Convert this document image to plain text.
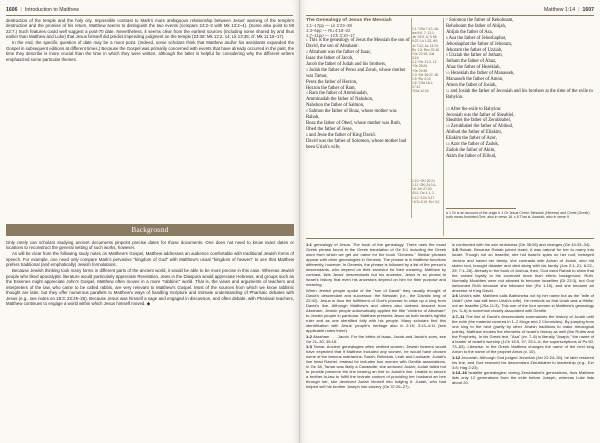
1606 | Introduction to Matthew

destruction of the temple and the holy city. Impossible contrast to Mark's more ambiguous relationship between Jesus' warning of the temple's destruction and the promise of his return, Matthew seems to distinguish the two events (compare 24:2–3 with Mk 13:2–4). (Some also point to Mt 22:7.) Such features could well suggest a post-70 date. Nevertheless, it seems clear from the earliest sources (including some shared by and thus earlier than Matthew and Luke) that Jesus himself did predict impending judgment on the temple (23:38; Mk 13:2, 14; Lk 13:35; cf. Mk 11:15–17).

In the end, the specific question of date may be a moot point. (Indeed, some scholars think that Matthew and/or his assistants expanded the Gospel in subsequent editions at different times.) Because the Gospel was primarily concerned with events that have already occurred in the past, the time they describe is more crucial than the time in which they were written, although the latter is helpful for considering why the different writers emphasized some particular themes.

Background

Only rarely can scholars studying ancient documents pinpoint precise dates for those documents. One does not need to know exact dates or locations to reconstruct the general setting of such works, however.

As will be clear from the following study notes on Matthew's Gospel, Matthew addresses an audience comfortable with traditional Jewish forms of speech. For example, one need only compare Mark's pervasive "kingdom of God" with Matthew's usual "kingdom of heaven" to see that Matthew prefers traditional (and emphatically) Jewish formulations.

Because Jewish thinking took many forms in different parts of the ancient world, it would be able to be more precise in this case. Whereas Jewish people who liked apocalyptic literature would particularly appreciate Revelation, Jews in the Diaspora would appreciate Hebrews, and groups such as the Essenes might appreciate John's Gospel, Matthew often moves in a more "rabbinic" world. That is, the views and arguments of teachers and interpreters of the law, who came to be called rabbis, are very relevant to Matthew's Gospel. Most of the sources from which we know rabbinic thought are later, but they offer numerous parallels to Matthew's ways of handling Scripture and intimate understanding of Pharisaic debates with Jesus (e.g., see notes on 19:3; 23:25–26). Because Jesus was himself a sage and engaged in discussion, and often debate, with Pharisaic teachers, Matthew continues to engage a world within which Jesus himself moved. ◆

Matthew 1:14 | 1607
The Genealogy of Jesus the Messiah
1:1–17pp — Lk 3:23–38
1:3–6pp — Ru 4:18–22
1:7–11pp — 1Ch 3:10–17
$^1$ This is the genealogy of Jesus the Messiah the son of David, the son of Abraham:
$^2$ Abraham was the father of Isaac,
Isaac the father of Jacob,
Jacob the father of Judah and his brothers,
$^3$ Judah the father of Perez and Zerah, whose mother was Tamar,
Perez the father of Hezron,
Hezron the father of Ram,
$^4$ Ram the father of Amminadab,
Amminadab the father of Nahshon,
Nahshon the father of Salmon,
$^5$ Salmon the father of Boaz, whose mother was Rahab,
Boaz the father of Obed, whose mother was Ruth,
Obed the father of Jesse,
$^6$ and Jesse the father of King David.
David was the father of Solomon, whose mother had been Uriah's wife,
1:1 ⁶2Sa 7:12–16; Isa 9:6, 7; 11:1; Jer 23:5, 6; S Mt 9:27; Lk 1:32, 69; Jn 7:42; Ac 13:23; Ro 1:3; Rev 22:16
⁶Ge 22:18; Gal 3:16
1:2 ⁶Ge 21:3, 12
⁶Ge 25:26
⁶Ge 29:35
1:3 ⁶Ge 38:27–30
1:5 ⁶Ru 4:13
1:6 ⁶1Sa 16:1; 17:12
⁶2Sa 12:24
1:10 ⁶2Ki 20:21
1:11 ⁶2Ki 24:14–16; Jer 27:20; 40:1; Da 1:1, 2
1:12 ⁶1Ch 3:17
⁶1Ch 3:19; Ezr 3:2
$^7$ Solomon the father of Rehoboam,
Rehoboam the father of Abijah,
Abijah the father of Asa,
$^8$ Asa the father of Jehoshaphat,
Jehoshaphat the father of Jehoram,
Jehoram the father of Uzziah,
$^9$ Uzziah the father of Jotham,
Jotham the father of Ahaz,
Ahaz the father of Hezekiah,
$^{10}$ Hezekiah the father of Manasseh,
Manasseh the father of Amon,
Amon the father of Josiah,
$^{11}$ and Josiah the father of Jeconiah and his brothers at the time of the exile to Babylon.

$^{12}$ After the exile to Babylon:
Jeconiah was the father of Shealtiel,
Shealtiel the father of Zerubbabel,
$^{13}$ Zerubbabel the father of Abihud,
Abihud the father of Eliakim,
Eliakim the father of Azor,
$^{14}$ Azor the father of Zadok,
Zadok the father of Akim,
Akim the father of Elihud,
a 1 Or is an account of the origin b 1 Or Jesus Christ. Messiah (Hebrew) and Christ (Greek) both mean Anointed One; also in verse 18. c 8 That is, Azariah; also in verse 9

1:1 genealogy of Jesus. The book of the genealogy. There uses the exact Greek phrase found in the Greek translation of Ge 5:1 including the Greek word from which we get our name for the book "Genesis." Similar phrases appear with other genealogies in Genesis. The phrase is in Matthew functions differently, however. In Genesis, the phrase is followed by a list of the person's descendants, who depend on their ancestor for their meaning. Matthew by contrast, lists Jesus' descendants but his ancestor. Jesus is so pivotal to Israel's history that even his ancestors depend on him for their purpose and meaning.

When Jewish people spoke of the "son of David" they usually thought of David's descendant and successor, the Messiah (i.e., the Davidic king of 22:42). Jesus is thus the fulfillment of God's promise to raise up a king from David's line. Although Matthew's and others also claimed descent from Abraham, Jewish people automatically applied the title "children of Abraham" to Jewish people in particular. Matthew presents Jesus as both Israel's rightful ruler and as one identified fully with his people. Many scholars find this identification with Jesus' people's heritage also in 2:15; 3:13–4:11 (see applicable notes there).

1:2 Abraham . . . Jacob. For the births of Isaac, Jacob and Jacob's sons, see Ge 21–30; 35:18.

1:3 Tamar. Ancient genealogies often omitted women. Jewish hearers would have expected that if Matthew included any women, he would have chosen some of the famous matriarchs: Sarah, Rebekah, Leah and Louisade. Judah's line head Rachel. Instead he includes four women with Gentile associations. In Ge 38, Tamar was likely a Canaanite; she seduced Judah; Judah failed but to provide preserve the line bearing an heir to Judah's line. Unable to secure a brother-in-law to fulfill the levirate custom of providing her husband an heir through her, she deceived Judah himself into lodging it. Judah, who had helped sell his brother Joseph into slavery (Ge 37:26–27),

is confronted with his own sinfulness (Ge 38:26) and changes (Ge 44:33–34).

1:5 Rahab. Because Rahab joined Israel, it was natural for her to marry into Israel. Though not an Israelite, she hid Israel's spies on her roof, betrayed Jericho and saved her family; she contrasts with Achan of Judah, who hid stolen loot, brought disaster and died along with his family (Jos 2:1–21; 6:22–25; 7:1–26). Already in the book of Joshua, then, God used Rahab to show that the valued loyalty to his covenant more than ethnic background. Ruth. Normally Moabites were not allowed to become Israelites (Dt 23:3), but God welcomed Ruth because she followed him (Ru 1:16), and she became an ancestor of King David.

1:6 Uriah's wife. Matthew calls Bathsheba not by her name but as the "wife of Uriah" (she had still been Uriah's wife). He reminds us that Uriah was a Hittite, not an Israelite (2Sa 11:3). This use of the four women in Matthew's genealogy (vv. 3–6) is somehow closely associated with Gentile.

1:7–11 The line of David's descendants summarizes the history of Judah until the exile (the material covered in 1–2 Kings and 2 Chronicles). By jumping from one king to the next (partly by other Jewish traditions to make theological points), Matthew evokes the elements of Israel's history as well (the Ruths and the Prophets). In his Greek text, "Asa" (vv. 7–8) is literally "Asaph," the name of a leader of Israel's worship (1Ch 16:5, 37; 25:1–6; the superscriptions of Ps 50, 73–83). Likewise, in the Greek Matthew changes the name of the next king Amon to the name of the prophet Amos (v. 10).

1:12 Jeconiah. Although God judged Jeconiah (Jer 22:24–30), he later restored his line, and God restored his descendant Zerubbabel to leadership (e.g., Ezr 3:8; Hag 2:23).

1:13–16 Israelite genealogies: during Zerubbabel's generations, thus Matthew lists only 12 generations from the exile before Joseph, whereas Luke lists about 20.
